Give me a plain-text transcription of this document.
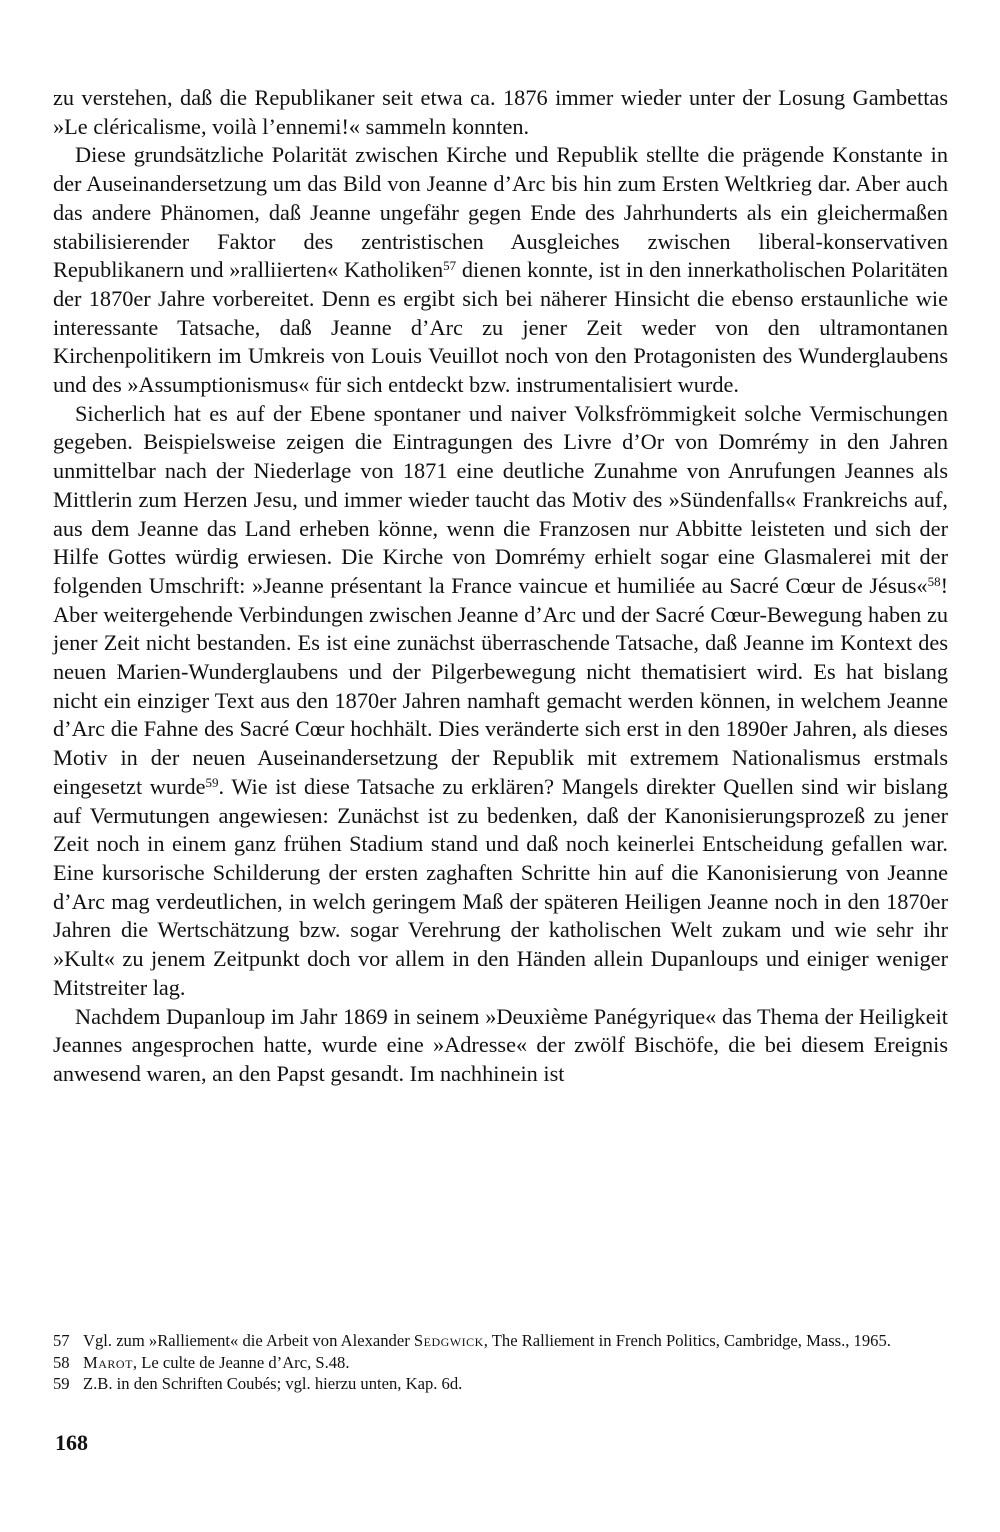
zu verstehen, daß die Republikaner seit etwa ca. 1876 immer wieder unter der Losung Gambettas »Le cléricalisme, voilà l’ennemi!« sammeln konnten.

Diese grundsätzliche Polarität zwischen Kirche und Republik stellte die prägende Konstante in der Auseinandersetzung um das Bild von Jeanne d’Arc bis hin zum Ersten Weltkrieg dar. Aber auch das andere Phänomen, daß Jeanne ungefähr gegen Ende des Jahrhunderts als ein gleichermaßen stabilisierender Faktor des zentristischen Ausgleiches zwischen liberal-konservativen Republikanern und »ralliierten« Katholiken$^{57}$ dienen konnte, ist in den innerkatholischen Polaritäten der 1870er Jahre vorbereitet. Denn es ergibt sich bei näherer Hinsicht die ebenso erstaunliche wie interessante Tatsache, daß Jeanne d’Arc zu jener Zeit weder von den ultramontanen Kirchenpolitikern im Umkreis von Louis Veuillot noch von den Protagonisten des Wunderglaubens und des »Assumptionismus« für sich entdeckt bzw. instrumentalisiert wurde.

Sicherlich hat es auf der Ebene spontaner und naiver Volksfrömmigkeit solche Vermischungen gegeben. Beispielsweise zeigen die Eintragungen des Livre d’Or von Domrémy in den Jahren unmittelbar nach der Niederlage von 1871 eine deutliche Zunahme von Anrufungen Jeannes als Mittlerin zum Herzen Jesu, und immer wieder taucht das Motiv des »Sündenfalls« Frankreichs auf, aus dem Jeanne das Land erheben könne, wenn die Franzosen nur Abbitte leisteten und sich der Hilfe Gottes würdig erwiesen. Die Kirche von Domrémy erhielt sogar eine Glasmalerei mit der folgenden Umschrift: »Jeanne présentant la France vaincue et humiliée au Sacré Cœur de Jésus«$^{58}$! Aber weitergehende Verbindungen zwischen Jeanne d’Arc und der Sacré Cœur-Bewegung haben zu jener Zeit nicht bestanden. Es ist eine zunächst überraschende Tatsache, daß Jeanne im Kontext des neuen Marien-Wunderglaubens und der Pilgerbewegung nicht thematisiert wird. Es hat bislang nicht ein einziger Text aus den 1870er Jahren namhaft gemacht werden können, in welchem Jeanne d’Arc die Fahne des Sacré Cœur hochhält. Dies veränderte sich erst in den 1890er Jahren, als dieses Motiv in der neuen Auseinandersetzung der Republik mit extremem Nationalismus erstmals eingesetzt wurde$^{59}$. Wie ist diese Tatsache zu erklären? Mangels direkter Quellen sind wir bislang auf Vermutungen angewiesen: Zunächst ist zu bedenken, daß der Kanonisierungsprozeß zu jener Zeit noch in einem ganz frühen Stadium stand und daß noch keinerlei Entscheidung gefallen war. Eine kursorische Schilderung der ersten zaghaften Schritte hin auf die Kanonisierung von Jeanne d’Arc mag verdeutlichen, in welch geringem Maß der späteren Heiligen Jeanne noch in den 1870er Jahren die Wertschätzung bzw. sogar Verehrung der katholischen Welt zukam und wie sehr ihr »Kult« zu jenem Zeitpunkt doch vor allem in den Händen allein Dupanloups und einiger weniger Mitstreiter lag.

Nachdem Dupanloup im Jahr 1869 in seinem »Deuxième Panégyrique« das Thema der Heiligkeit Jeannes angesprochen hatte, wurde eine »Adresse« der zwölf Bischöfe, die bei diesem Ereignis anwesend waren, an den Papst gesandt. Im nachhinein ist

57 Vgl. zum »Ralliement« die Arbeit von Alexander Sedgwick, The Ralliement in French Politics, Cambridge, Mass., 1965.
58 Marot, Le culte de Jeanne d’Arc, S.48.
59 Z.B. in den Schriften Coubés; vgl. hierzu unten, Kap. 6d.
168
